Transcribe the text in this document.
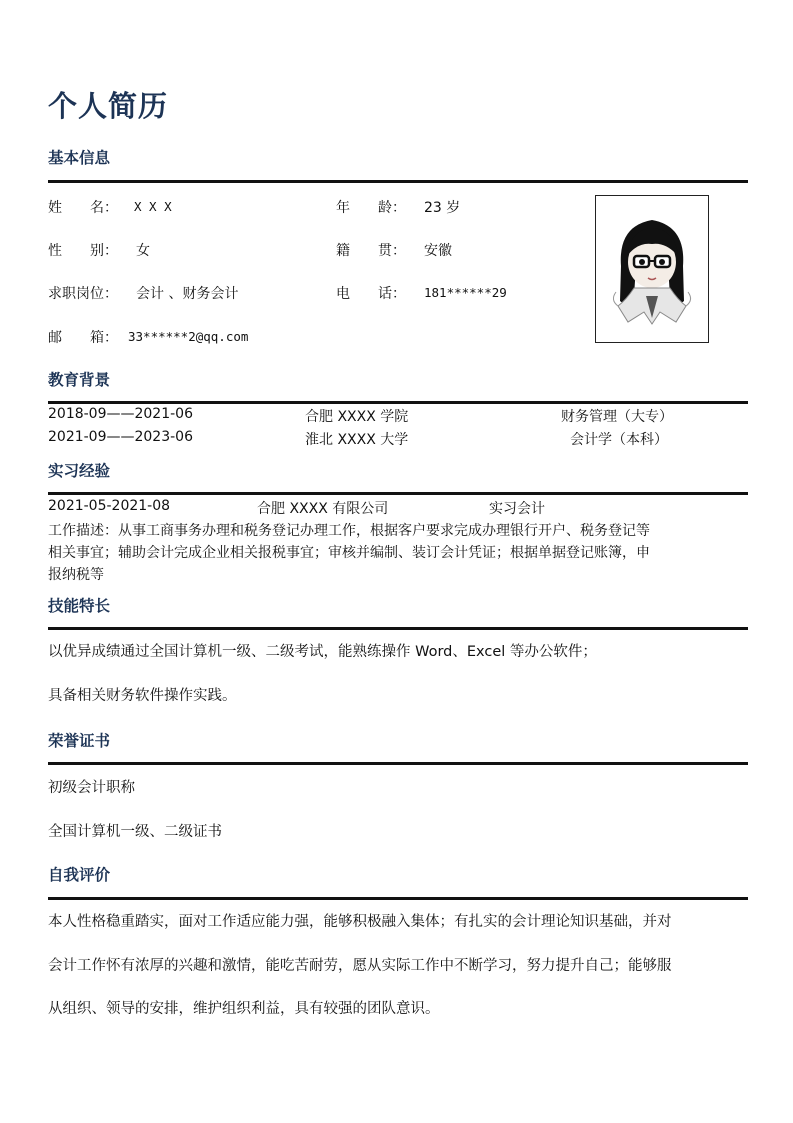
个人简历
基本信息
姓　　名： X X X	年　　龄： 23 岁
性　　别： 女	籍　　贯： 安徽
求职岗位： 会计 、财务会计	电　　话： 181******29
邮　　箱： 33******2@qq.com
教育背景
2018-09——2021-06	合肥 XXXX 学院	财务管理（大专）
2021-09——2023-06	淮北 XXXX 大学	会计学（本科）
实习经验
2021-05-2021-08	合肥 XXXX 有限公司	实习会计
工作描述：从事工商事务办理和税务登记办理工作，根据客户要求完成办理银行开户、税务登记等
相关事宜；辅助会计完成企业相关报税事宜；审核并编制、装订会计凭证；根据单据登记账簿，申
报纳税等
技能特长
以优异成绩通过全国计算机一级、二级考试，能熟练操作 Word、Excel 等办公软件；
具备相关财务软件操作实践。
荣誉证书
初级会计职称
全国计算机一级、二级证书
自我评价
本人性格稳重踏实，面对工作适应能力强，能够积极融入集体；有扎实的会计理论知识基础，并对
会计工作怀有浓厚的兴趣和激情，能吃苦耐劳，愿从实际工作中不断学习，努力提升自己；能够服
从组织、领导的安排，维护组织利益，具有较强的团队意识。
